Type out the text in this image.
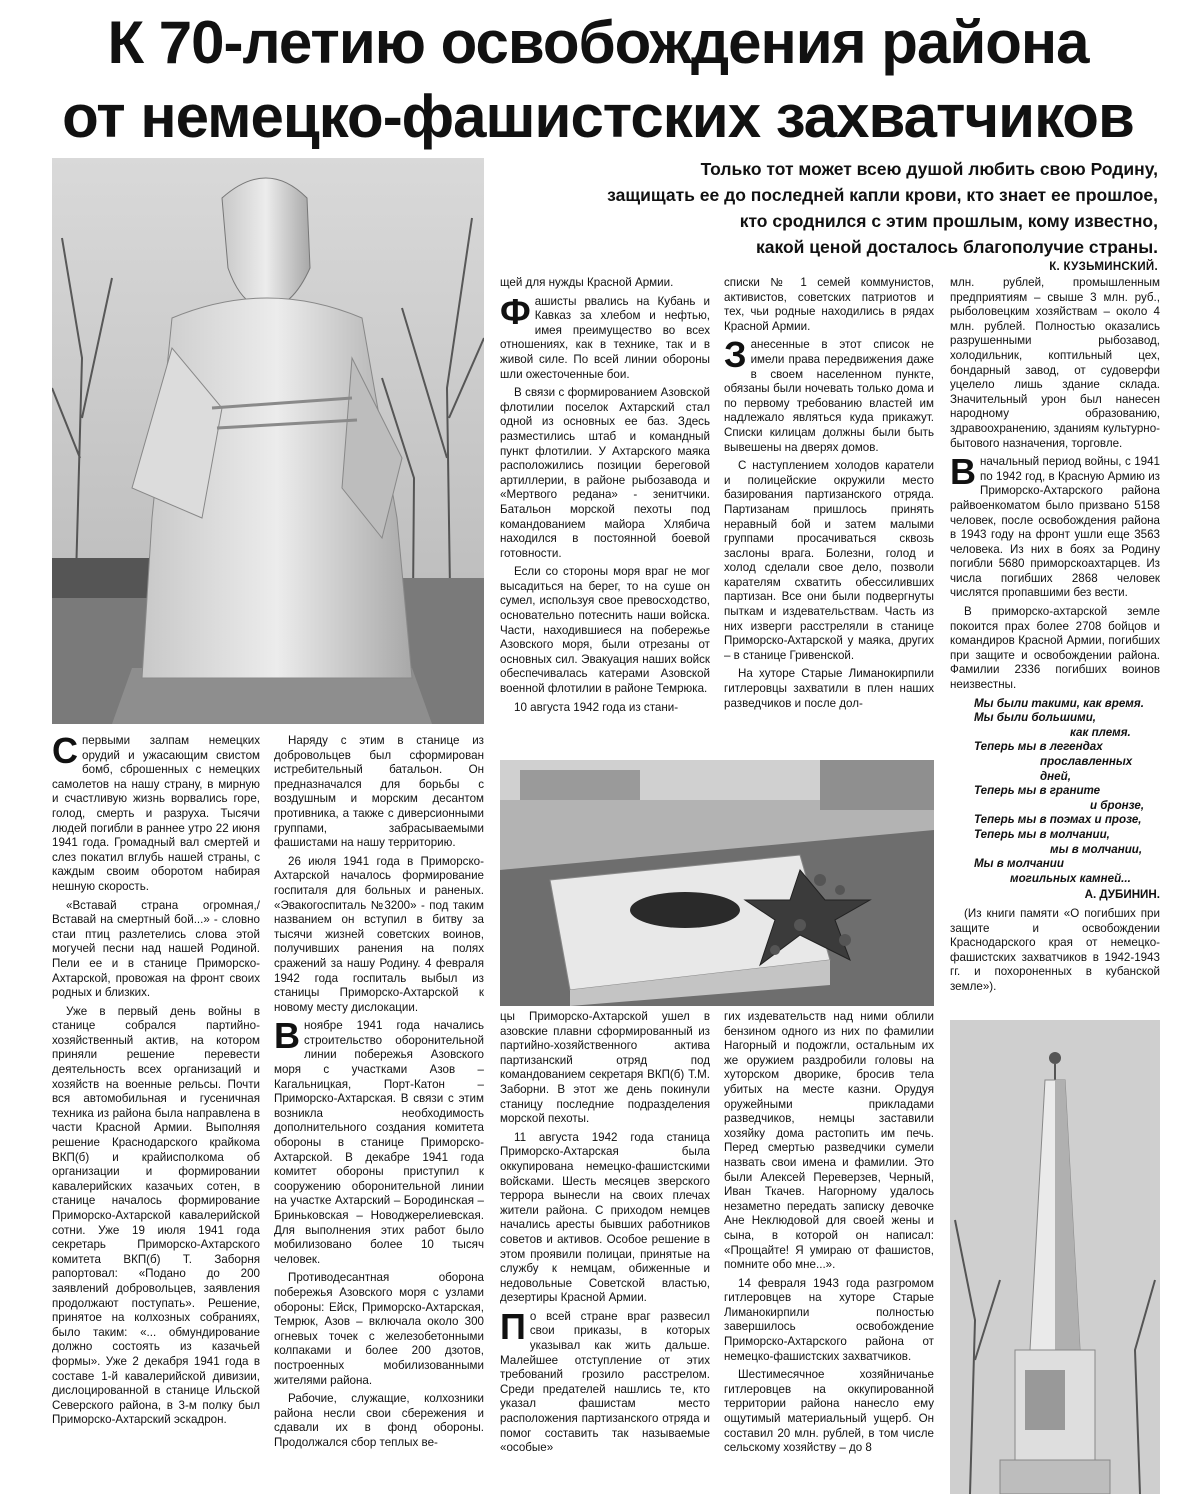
К 70-летию освобождения района
от немецко-фашистских захватчиков
Только тот может всею душой любить свою Родину,
защищать ее до последней капли крови, кто знает ее прошлое,
кто сроднился с этим прошлым, кому известно,
какой ценой досталось благополучие страны.
К. КУЗЬМИНСКИЙ.

Спервыми залпам немецких орудий и ужасающим свистом бомб, сброшенных с немецких самолетов на нашу страну, в мирную и счастливую жизнь ворвались горе, голод, смерть и разруха. Тысячи людей погибли в раннее утро 22 июня 1941 года. Громадный вал смертей и слез покатил вглубь нашей страны, с каждым своим оборотом набирая нешную скорость.

«Вставай страна огромная,/ Вставай на смертный бой...» - словно стаи птиц разлетелись слова этой могучей песни над нашей Родиной. Пели ее и в станице Приморско-Ахтарской, провожая на фронт своих родных и близких.

Уже в первый день войны в станице собрался партийно-хозяйственный актив, на котором приняли решение перевести деятельность всех организаций и хозяйств на военные рельсы. Почти вся автомобильная и гусеничная техника из района была направлена в части Красной Армии. Выполняя решение Краснодарского крайкома ВКП(б) и крайисполкома об организации и формировании кавалерийских казачьих сотен, в станице началось формирование Приморско-Ахтарской кавалерийской сотни. Уже 19 июля 1941 года секретарь Приморско-Ахтарского комитета ВКП(б) Т. Заборня рапортовал: «Подано до 200 заявлений добровольцев, заявления продолжают поступать». Решение, принятое на колхозных собраниях, было таким: «... обмундирование должно состоять из казачьей формы». Уже 2 декабря 1941 года в составе 1-й кавалерийской дивизии, дислоцированной в станице Ильской Северского района, в 3-м полку был Приморско-Ахтарский эскадрон.

Наряду с этим в станице из добровольцев был сформирован истребительный батальон. Он предназначался для борьбы с воздушным и морским десантом противника, а также с диверсионными группами, забрасываемыми фашистами на нашу территорию.

26 июля 1941 года в Приморско-Ахтарской началось формирование госпиталя для больных и раненых. «Эвакогоспиталь №3200» - под таким названием он вступил в битву за тысячи жизней советских воинов, получивших ранения на полях сражений за нашу Родину. 4 февраля 1942 года госпиталь выбыл из станицы Приморско-Ахтарской к новому месту дислокации.

Вноябре 1941 года начались строительство оборонительной линии побережья Азовского моря с участками Азов –Кагальницкая, Порт-Катон – Приморско-Ахтарская. В связи с этим возникла необходимость дополнительного создания комитета обороны в станице Приморско-Ахтарской. В декабре 1941 года комитет обороны приступил к сооружению оборонительной линии на участке Ахтарский – Бородинская – Бриньковская – Новоджерелиевская. Для выполнения этих работ было мобилизовано более 10 тысяч человек.

Противодесантная оборона побережья Азовского моря с узлами обороны: Ейск, Приморско-Ахтарская, Темрюк, Азов – включала около 300 огневых точек с железобетонными колпаками и более 200 дзотов, построенных мобилизованными жителями района.

Рабочие, служащие, колхозники района несли свои сбережения и сдавали их в фонд обороны. Продолжался сбор теплых ве-

щей для нужды Красной Армии.

Фашисты рвались на Кубань и Кавказ за хлебом и нефтью, имея преимущество во всех отношениях, как в технике, так и в живой силе. По всей линии обороны шли ожесточенные бои.

В связи с формированием Азовской флотилии поселок Ахтарский стал одной из основных ее баз. Здесь разместились штаб и командный пункт флотилии. У Ахтарского маяка расположились позиции береговой артиллерии, в районе рыбозавода и «Мертвого редана» - зенитчики. Батальон морской пехоты под командованием майора Хлябича находился в постоянной боевой готовности.

Если со стороны моря враг не мог высадиться на берег, то на суше он сумел, используя свое превосходство, основательно потеснить наши войска. Части, находившиеся на побережье Азовского моря, были отрезаны от основных сил. Эвакуация наших войск обеспечивалась катерами Азовской военной флотилии в районе Темрюка.

10 августа 1942 года из стани-

списки № 1 семей коммунистов, активистов, советских патриотов и тех, чьи родные находились в рядах Красной Армии.

Занесенные в этот список не имели права передвижения даже в своем населенном пункте, обязаны были ночевать только дома и по первому требованию властей им надлежало являться куда прикажут. Списки килицам должны были быть вывешены на дверях домов.

С наступлением холодов каратели и полицейские окружили место базирования партизанского отряда. Партизанам пришлось принять неравный бой и затем малыми группами просачиваться сквозь заслоны врага. Болезни, голод и холод сделали свое дело, позволи карателям схватить обессиливших партизан. Все они были подвергнуты пыткам и издевательствам. Часть из них изверги расстреляли в станице Приморско-Ахтарской у маяка, других – в станице Гривенской.

На хуторе Старые Лиманокирпили гитлеровцы захватили в плен наших разведчиков и после дол-

млн. рублей, промышленным предприятиям – свыше 3 млн. руб., рыболовецким хозяйствам – около 4 млн. рублей. Полностью оказались разрушенными рыбозавод, холодильник, коптильный цех, бондарный завод, от судоверфи уцелело лишь здание склада. Значительный урон был нанесен народному образованию, здравоохранению, зданиям культурно-бытового назначения, торговле.

Вначальный период войны, с 1941 по 1942 год, в Красную Армию из Приморско-Ахтарского района райвоенкоматом было призвано 5158 человек, после освобождения района в 1943 году на фронт ушли еще 3563 человека. Из них в боях за Родину погибли 5680 приморскоахтарцев. Из числа погибших 2868 человек числятся пропавшими без вести.

В приморско-ахтарской земле покоится прах более 2708 бойцов и командиров Красной Армии, погибших при защите и освобождении района. Фамилии 2336 погибших воинов неизвестны.

Мы были такими, как время.
Мы были большими,
как племя.
Теперь мы в легендах
прославленных дней,
Теперь мы в граните
и бронзе,
Теперь мы в поэмах и прозе,
Теперь мы в молчании,
мы в молчании,
Мы в молчании
могильных камней...
А. ДУБИНИН.

(Из книги памяти «О погибших при защите и освобождении Краснодарского края от немецко-фашистских захватчиков в 1942-1943 гг. и похороненных в кубанской земле»).

цы Приморско-Ахтарской ушел в азовские плавни сформированный из партийно-хозяйственного актива партизанский отряд под командованием секретаря ВКП(б) Т.М. Заборни. В этот же день покинули станицу последние подразделения морской пехоты.

11 августа 1942 года станица Приморско-Ахтарская была оккупирована немецко-фашистскими войсками. Шесть месяцев зверского террора вынесли на своих плечах жители района. С приходом немцев начались аресты бывших работников советов и активов. Особое решение в этом проявили полицаи, принятые на службу к немцам, обиженные и недовольные Советской властью, дезертиры Красной Армии.

По всей стране враг развесил свои приказы, в которых указывал как жить дальше. Малейшее отступление от этих требований грозило расстрелом. Среди предателей нашлись те, кто указал фашистам место расположения партизанского отряда и помог составить так называемые «особые»

гих издевательств над ними облили бензином одного из них по фамилии Нагорный и подожгли, остальным их же оружием раздробили головы на хуторском дворике, бросив тела убитых на месте казни. Орудуя оружейными прикладами разведчиков, немцы заставили хозяйку дома растопить им печь. Перед смертью разведчики сумели назвать свои имена и фамилии. Это были Алексей Переверзев, Черный, Иван Ткачев. Нагорному удалось незаметно передать записку девочке Ане Неклюдовой для своей жены и сына, в которой он написал: «Прощайте! Я умираю от фашистов, помните обо мне...».

14 февраля 1943 года разгромом гитлеровцев на хуторе Старые Лиманокирпили полностью завершилось освобождение Приморско-Ахтарского района от немецко-фашистских захватчиков.

Шестимесячное хозяйничанье гитлеровцев на оккупированной территории района нанесло ему ощутимый материальный ущерб. Он составил 20 млн. рублей, в том числе сельскому хозяйству – до 8
